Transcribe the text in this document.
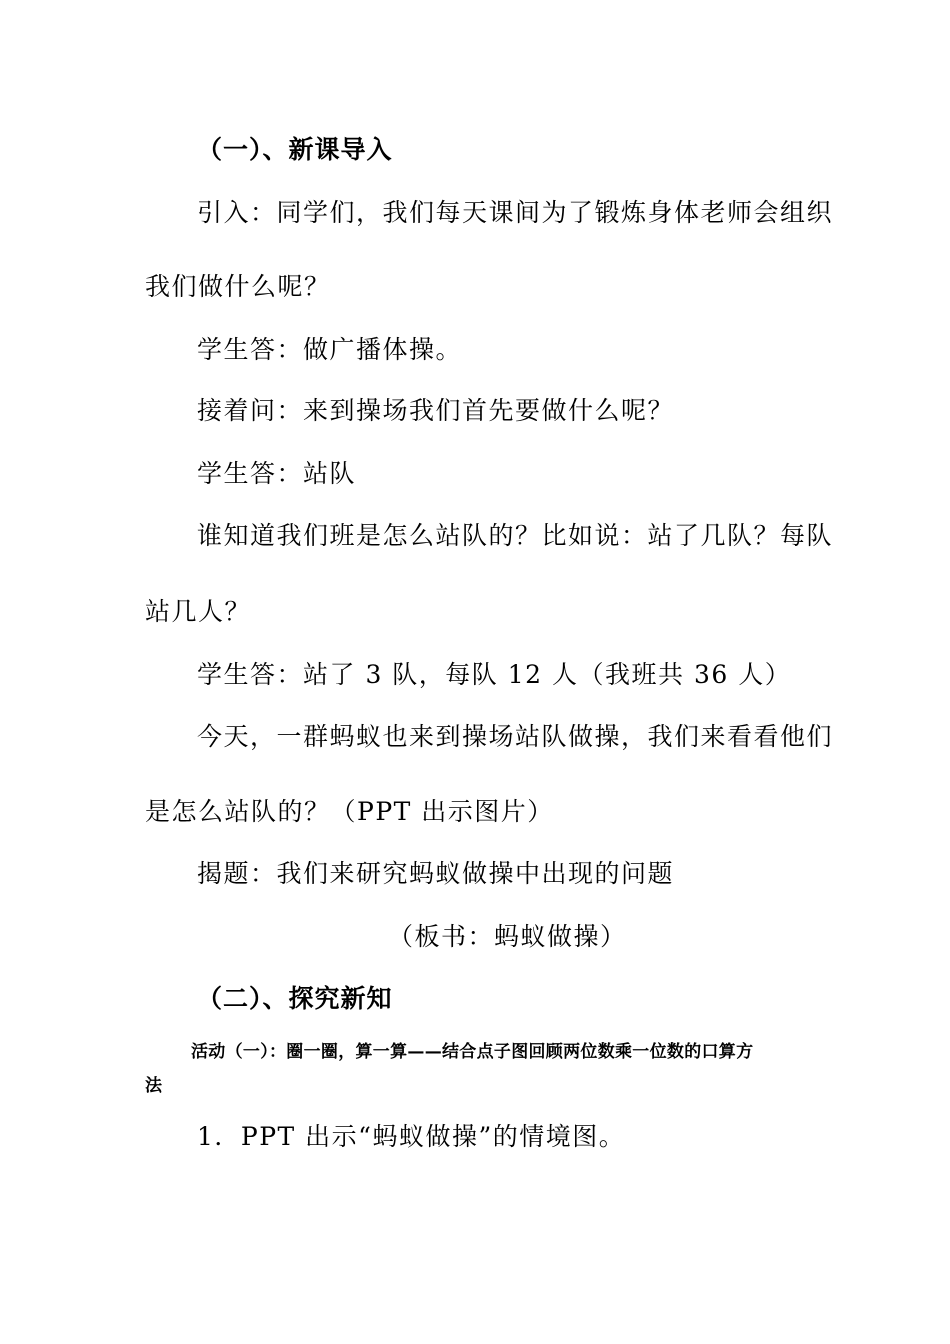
（一）、新课导入
引入：同学们，我们每天课间为了锻炼身体老师会组织
我们做什么呢？
学生答：做广播体操。
接着问：来到操场我们首先要做什么呢？
学生答：站队
谁知道我们班是怎么站队的？比如说：站了几队？每队
站几人？
学生答：站了 3 队，每队 12 人（我班共 36 人）
今天，一群蚂蚁也来到操场站队做操，我们来看看他们
是怎么站队的？（PPT 出示图片）
揭题：我们来研究蚂蚁做操中出现的问题
（板书：蚂蚁做操）
（二）、探究新知
活动（一）：圈一圈，算一算——结合点子图回顾两位数乘一位数的口算方
法
1．PPT 出示“蚂蚁做操”的情境图。
